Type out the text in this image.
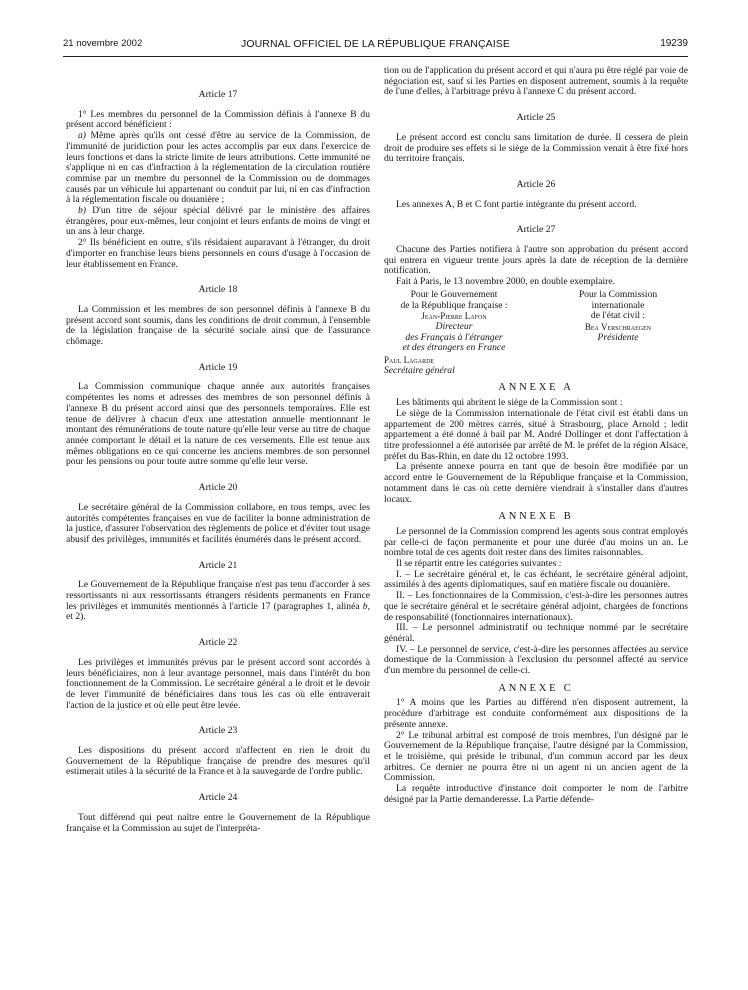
21 novembre 2002	JOURNAL OFFICIEL DE LA RÉPUBLIQUE FRANÇAISE	19239
Article 17

1° Les membres du personnel de la Commission définis à l'annexe B du présent accord bénéficient :

a) Même après qu'ils ont cessé d'être au service de la Commission, de l'immunité de juridiction pour les actes accomplis par eux dans l'exercice de leurs fonctions et dans la stricte limite de leurs attributions. Cette immunité ne s'applique ni en cas d'infraction à la réglementation de la circulation routière commise par un membre du personnel de la Commission ou de dommages causés par un véhicule lui appartenant ou conduit par lui, ni en cas d'infraction à la réglementation fiscale ou douanière ;

b) D'un titre de séjour spécial délivré par le ministère des affaires étrangères, pour eux-mêmes, leur conjoint et leurs enfants de moins de vingt et un ans à leur charge.

2° Ils bénéficient en outre, s'ils résidaient auparavant à l'étranger, du droit d'importer en franchise leurs biens personnels en cours d'usage à l'occasion de leur établissement en France.

Article 18

La Commission et les membres de son personnel définis à l'annexe B du présent accord sont soumis, dans les conditions de droit commun, à l'ensemble de la législation française de la sécurité sociale ainsi que de l'assurance chômage.

Article 19

La Commission communique chaque année aux autorités françaises compétentes les noms et adresses des membres de son personnel définis à l'annexe B du présent accord ainsi que des personnels temporaires. Elle est tenue de délivrer à chacun d'eux une attestation annuelle mentionnant le montant des rémunérations de toute nature qu'elle leur verse au titre de chaque année comportant le détail et la nature de ces versements. Elle est tenue aux mêmes obligations en ce qui concerne les anciens membres de son personnel pour les pensions ou pour toute autre somme qu'elle leur verse.

Article 20

Le secrétaire général de la Commission collabore, en tous temps, avec les autorités compétentes françaises en vue de faciliter la bonne administration de la justice, d'assurer l'observation des règlements de police et d'éviter tout usage abusif des privilèges, immunités et facilités énumérés dans le présent accord.

Article 21

Le Gouvernement de la République française n'est pas tenu d'accorder à ses ressortissants ni aux ressortissants étrangers résidents permanents en France les privilèges et immunités mentionnés à l'article 17 (paragraphes 1, alinéa b, et 2).

Article 22

Les privilèges et immunités prévus par le présent accord sont accordés à leurs bénéficiaires, non à leur avantage personnel, mais dans l'intérêt du bon fonctionnement de la Commission. Le secrétaire général a le droit et le devoir de lever l'immunité de bénéficiaires dans tous les cas où elle entraverait l'action de la justice et où elle peut être levée.

Article 23

Les dispositions du présent accord n'affectent en rien le droit du Gouvernement de la République française de prendre des mesures qu'il estimerait utiles à la sécurité de la France et à la sauvegarde de l'ordre public.

Article 24

Tout différend qui peut naître entre le Gouvernement de la République française et la Commission au sujet de l'interpréta-

tion ou de l'application du présent accord et qui n'aura pu être réglé par voie de négociation est, sauf si les Parties en disposent autrement, soumis à la requête de l'une d'elles, à l'arbitrage prévu à l'annexe C du présent accord.

Article 25

Le présent accord est conclu sans limitation de durée. Il cessera de plein droit de produire ses effets si le siège de la Commission venait à être fixé hors du territoire français.

Article 26

Les annexes A, B et C font partie intégrante du présent accord.

Article 27

Chacune des Parties notifiera à l'autre son approbation du présent accord qui entrera en vigueur trente jours après la date de réception de la dernière notification.

Fait à Paris, le 13 novembre 2000, en double exemplaire.

Pour le Gouvernement
de la République française :
Jean-Pierre Lafon
Directeur
des Français à l'étranger
et des étrangers en France
Pour la Commission
internationale
de l'état civil :
Bea Verschraegen
Présidente
Paul Lagarde
Secrétaire général
ANNEXE A

Les bâtiments qui abritent le siège de la Commission sont :

Le siège de la Commission internationale de l'état civil est établi dans un appartement de 200 mètres carrés, situé à Strasbourg, place Arnold ; ledit appartement a été donné à bail par M. André Dollinger et dont l'affectation à titre professionnel a été autorisée par arrêté de M. le préfet de la région Alsace, préfet du Bas-Rhin, en date du 12 octobre 1993.

La présente annexe pourra en tant que de besoin être modifiée par un accord entre le Gouvernement de la République française et la Commission, notamment dans le cas où cette dernière viendrait à s'installer dans d'autres locaux.

ANNEXE B

Le personnel de la Commission comprend les agents sous contrat employés par celle-ci de façon permanente et pour une durée d'au moins un an. Le nombre total de ces agents doit rester dans des limites raisonnables.

Il se répartit entre les catégories suivantes :

I. – Le secrétaire général et, le cas échéant, le secrétaire général adjoint, assimilés à des agents diplomatiques, sauf en matière fiscale ou douanière.

II. – Les fonctionnaires de la Commission, c'est-à-dire les personnes autres que le secrétaire général et le secrétaire général adjoint, chargées de fonctions de responsabilité (fonctionnaires internationaux).

III. – Le personnel administratif ou technique nommé par le secrétaire général.

IV. – Le personnel de service, c'est-à-dire les personnes affectées au service domestique de la Commission à l'exclusion du personnel affecté au service d'un membre du personnel de celle-ci.

ANNEXE C

1° A moins que les Parties au différend n'en disposent autrement, la procédure d'arbitrage est conduite conformément aux dispositions de la présente annexe.

2° Le tribunal arbitral est composé de trois membres, l'un désigné par le Gouvernement de la République française, l'autre désigné par la Commission, et le troisième, qui préside le tribunal, d'un commun accord par les deux arbitres. Ce dernier ne pourra être ni un agent ni un ancien agent de la Commission.

La requête introductive d'instance doit comporter le nom de l'arbitre désigné par la Partie demanderesse. La Partie défende-
